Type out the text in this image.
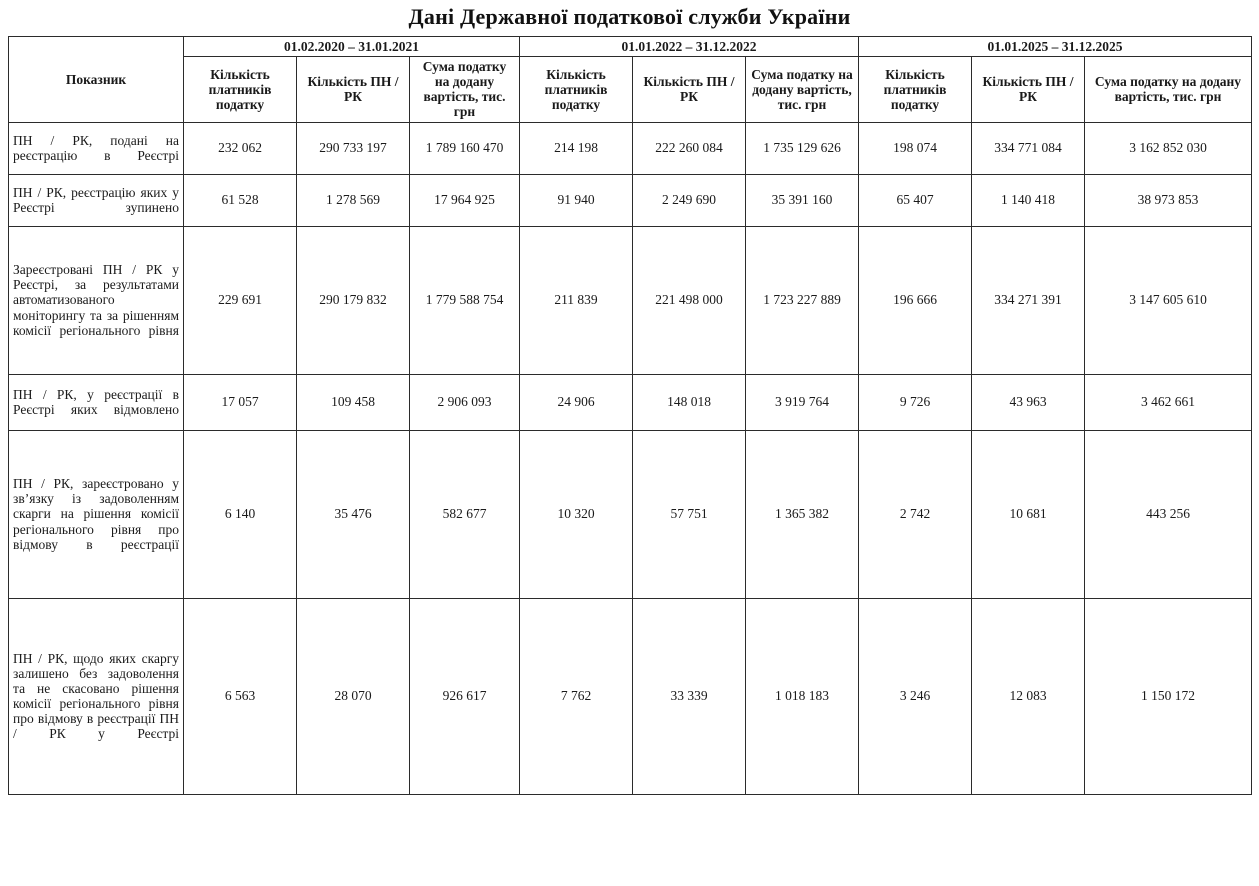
Дані Державної податкової служби України
Показник	01.02.2020 – 31.01.2021			01.01.2022 – 31.12.2022			01.01.2025 – 31.12.2025		
	Кількість платників податку	Кількість ПН / РК	Сума податку на додану вартість, тис. грн	Кількість платників податку	Кількість ПН / РК	Сума податку на додану вартість, тис. грн	Кількість платників податку	Кількість ПН / РК	Сума податку на додану вартість, тис. грн
ПН / РК, подані на реєстрацію в Реєстрі	232 062	290 733 197	1 789 160 470	214 198	222 260 084	1 735 129 626	198 074	334 771 084	3 162 852 030
ПН / РК, реєстрацію яких у Реєстрі зупинено	61 528	1 278 569	17 964 925	91 940	2 249 690	35 391 160	65 407	1 140 418	38 973 853
Зареєстровані ПН / РК у Реєстрі, за результатами автоматизованого моніторингу та за рішенням комісії регіонального рівня	229 691	290 179 832	1 779 588 754	211 839	221 498 000	1 723 227 889	196 666	334 271 391	3 147 605 610
ПН / РК, у реєстрації в Реєстрі яких відмовлено	17 057	109 458	2 906 093	24 906	148 018	3 919 764	9 726	43 963	3 462 661
ПН / РК, зареєстровано у зв’язку із задоволенням скарги на рішення комісії регіонального рівня про відмову в реєстрації	6 140	35 476	582 677	10 320	57 751	1 365 382	2 742	10 681	443 256
ПН / РК, щодо яких скаргу залишено без задоволення та не скасовано рішення комісії регіонального рівня про відмову в реєстрації ПН / РК у Реєстрі	6 563	28 070	926 617	7 762	33 339	1 018 183	3 246	12 083	1 150 172
